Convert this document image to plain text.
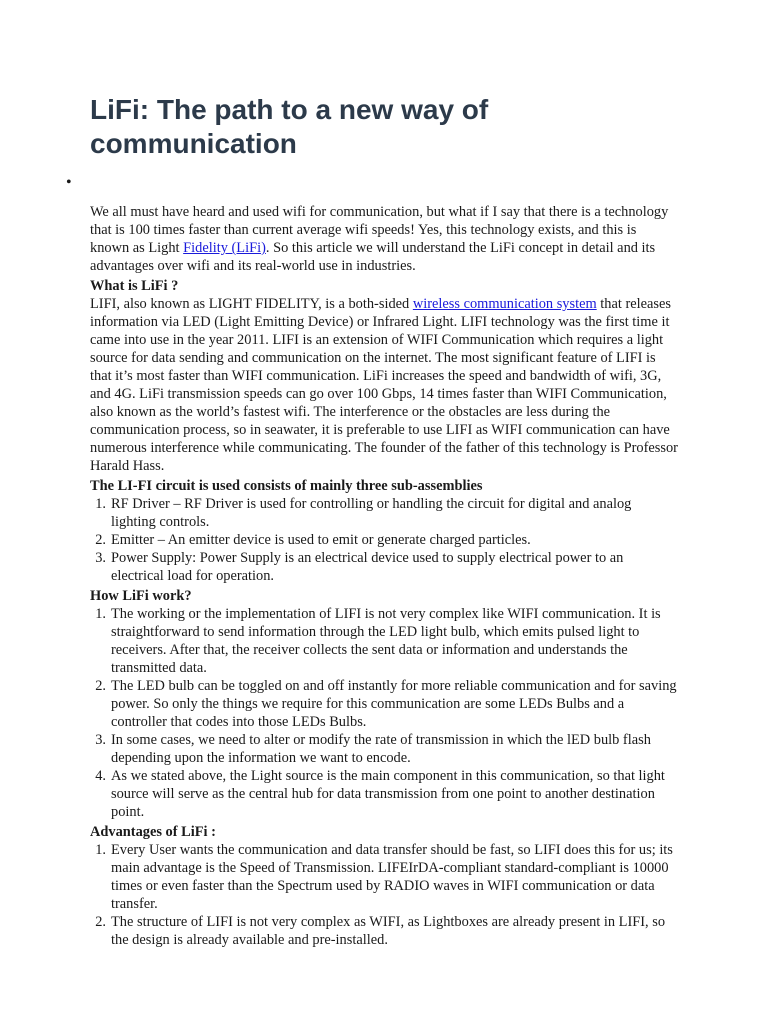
LiFi: The path to a new way of communication
•

We all must have heard and used wifi for communication, but what if I say that there is a technology that is 100 times faster than current average wifi speeds! Yes, this technology exists, and this is known as Light Fidelity (LiFi). So this article we will understand the LiFi concept in detail and its advantages over wifi and its real-world use in industries.

What is LiFi ?

LIFI, also known as LIGHT FIDELITY, is a both-sided wireless communication system that releases information via LED (Light Emitting Device) or Infrared Light. LIFI technology was the first time it came into use in the year 2011. LIFI is an extension of WIFI Communication which requires a light source for data sending and communication on the internet. The most significant feature of LIFI is that it’s most faster than WIFI communication. LiFi increases the speed and bandwidth of wifi, 3G, and 4G. LiFi transmission speeds can go over 100 Gbps, 14 times faster than WIFI Communication, also known as the world’s fastest wifi. The interference or the obstacles are less during the communication process, so in seawater, it is preferable to use LIFI as WIFI communication can have numerous interference while communicating. The founder of the father of this technology is Professor Harald Hass.

The LI-FI circuit is used consists of mainly three sub-assemblies

1 . RF Driver – RF Driver is used for controlling or handling the circuit for digital and analog lighting controls.
2 . Emitter – An emitter device is used to emit or generate charged particles.
3 . Power Supply: Power Supply is an electrical device used to supply electrical power to an electrical load for operation.

How LiFi work?

1 . The working or the implementation of LIFI is not very complex like WIFI communication. It is straightforward to send information through the LED light bulb, which emits pulsed light to receivers. After that, the receiver collects the sent data or information and understands the transmitted data.
2 . The LED bulb can be toggled on and off instantly for more reliable communication and for saving power. So only the things we require for this communication are some LEDs Bulbs and a controller that codes into those LEDs Bulbs.
3 . In some cases, we need to alter or modify the rate of transmission in which the lED bulb flash depending upon the information we want to encode.
4 . As we stated above, the Light source is the main component in this communication, so that light source will serve as the central hub for data transmission from one point to another destination point.

Advantages of LiFi :

1 . Every User wants the communication and data transfer should be fast, so LIFI does this for us; its main advantage is the Speed of Transmission. LIFEIrDA-compliant standard-compliant is 10000 times or even faster than the Spectrum used by RADIO waves in WIFI communication or data transfer.
2 . The structure of LIFI is not very complex as WIFI, as Lightboxes are already present in LIFI, so the design is already available and pre-installed.
